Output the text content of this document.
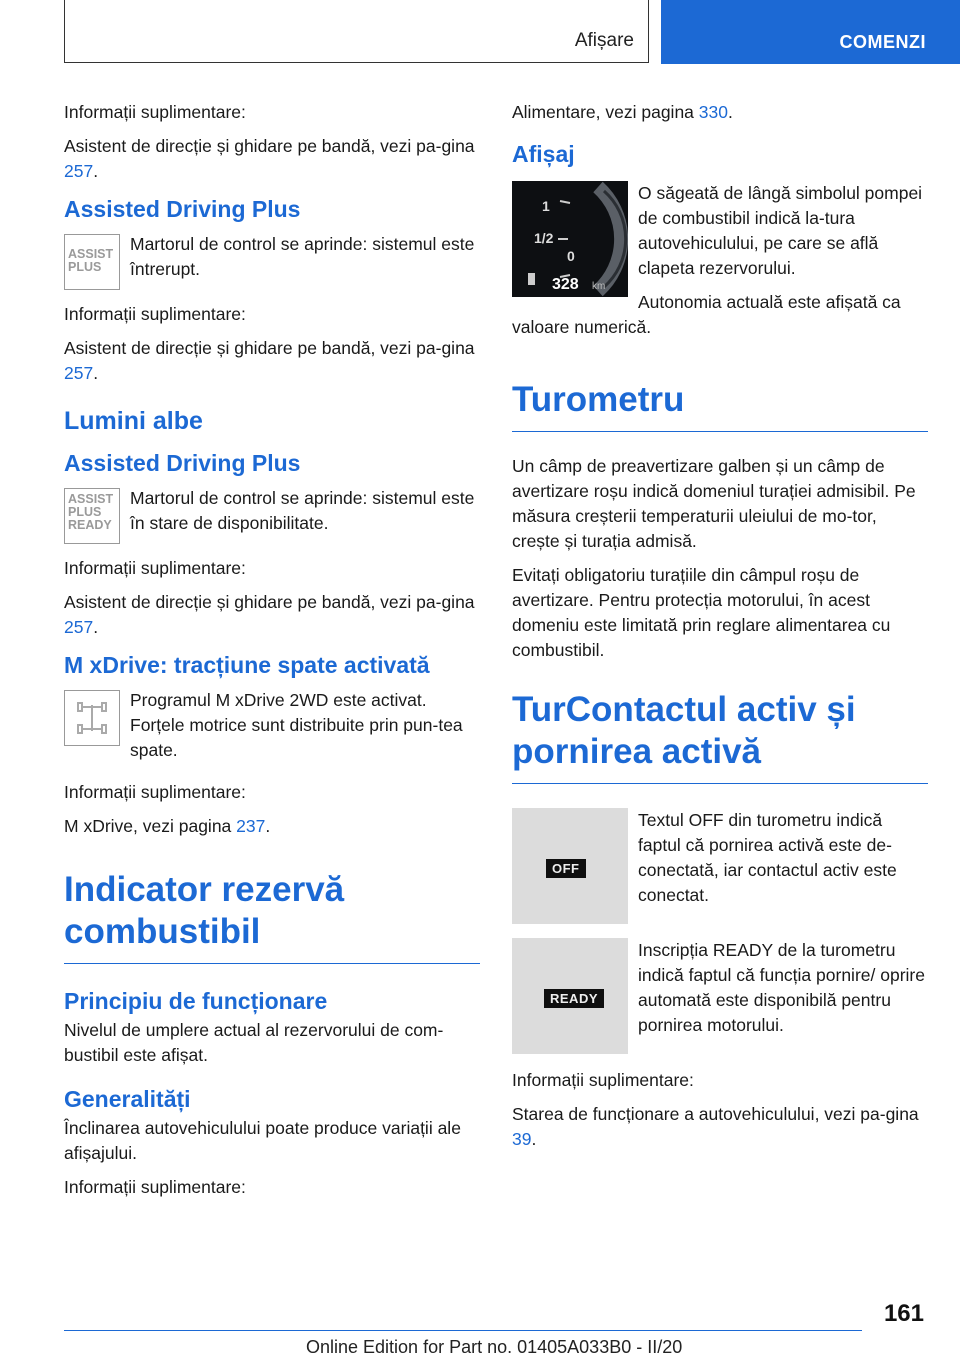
Afișare	COMENZI

Informații suplimentare:

Asistent de direcție și ghidare pe bandă, vezi pa-gina 257.

Assisted Driving Plus
ASSIST PLUS

Martorul de control se aprinde: sistemul este întrerupt.

Informații suplimentare:

Asistent de direcție și ghidare pe bandă, vezi pa-gina 257.

Lumini albe
Assisted Driving Plus
ASSIST PLUS READY

Martorul de control se aprinde: sistemul este în stare de disponibilitate.

Informații suplimentare:

Asistent de direcție și ghidare pe bandă, vezi pa-gina 257.

M xDrive: tracțiune spate activată

Programul M xDrive 2WD este activat. Forțele motrice sunt distribuite prin pun-tea spate.

Informații suplimentare:

M xDrive, vezi pagina 237.

Indicator rezervă combustibil
Principiu de funcționare

Nivelul de umplere actual al rezervorului de com-bustibil este afișat.

Generalități

Înclinarea autovehiculului poate produce variații ale afișajului.

Informații suplimentare:

Alimentare, vezi pagina 330.

Afișaj
1
1/2
0
328 km

O săgeată de lângă simbolul pompei de combustibil indică la-tura autovehiculului, pe care se află clapeta rezervorului.

Autonomia actuală este afișată ca valoare numerică.

Turometru

Un câmp de preavertizare galben și un câmp de avertizare roșu indică domeniul turației admisibil. Pe măsura creșterii temperaturii uleiului de mo-tor, crește și turația admisă.

Evitați obligatoriu turațiile din câmpul roșu de avertizare. Pentru protecția motorului, în acest domeniu este limitată prin reglare alimentarea cu combustibil.

TurContactul activ și pornirea activă
OFF

Textul OFF din turometru indică faptul că pornirea activă este de-conectată, iar contactul activ este conectat.

READY

Inscripția READY de la turometru indică faptul că funcția pornire/ oprire automată este disponibilă pentru pornirea motorului.

Informații suplimentare:

Starea de funcționare a autovehiculului, vezi pa-gina 39.

161
Online Edition for Part no. 01405A033B0 - II/20
